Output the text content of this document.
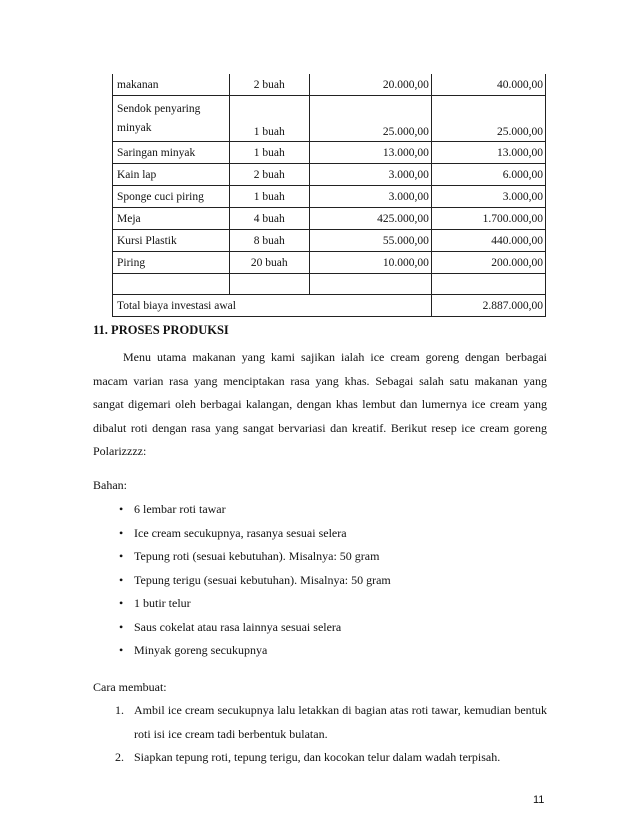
makanan	2 buah	20.000,00	40.000,00

Sendok penyaring
minyak	1 buah	25.000,00	25.000,00
Saringan minyak	1 buah	13.000,00	13.000,00
Kain lap	2 buah	3.000,00	6.000,00
Sponge cuci piring	1 buah	3.000,00	3.000,00
Meja	4 buah	425.000,00	1.700.000,00
Kursi Plastik	8 buah	55.000,00	440.000,00
Piring	20 buah	10.000,00	200.000,00

Total biaya investasi awal			2.887.000,00
11. PROSES PRODUKSI
Menu utama makanan yang kami sajikan ialah ice cream goreng dengan berbagai macam varian rasa yang menciptakan rasa yang khas. Sebagai salah satu makanan yang sangat digemari oleh berbagai kalangan, dengan khas lembut dan lumernya ice cream yang dibalut roti dengan rasa yang sangat bervariasi dan kreatif. Berikut resep ice cream goreng Polarizzzz:
Bahan:
• 6 lembar roti tawar
• Ice cream secukupnya, rasanya sesuai selera
• Tepung roti (sesuai kebutuhan). Misalnya: 50 gram
• Tepung terigu (sesuai kebutuhan). Misalnya: 50 gram
• 1 butir telur
• Saus cokelat atau rasa lainnya sesuai selera
• Minyak goreng secukupnya
Cara membuat:
1. Ambil ice cream secukupnya lalu letakkan di bagian atas roti tawar, kemudian bentuk roti isi ice cream tadi berbentuk bulatan.
2. Siapkan tepung roti, tepung terigu, dan kocokan telur dalam wadah terpisah.
11
